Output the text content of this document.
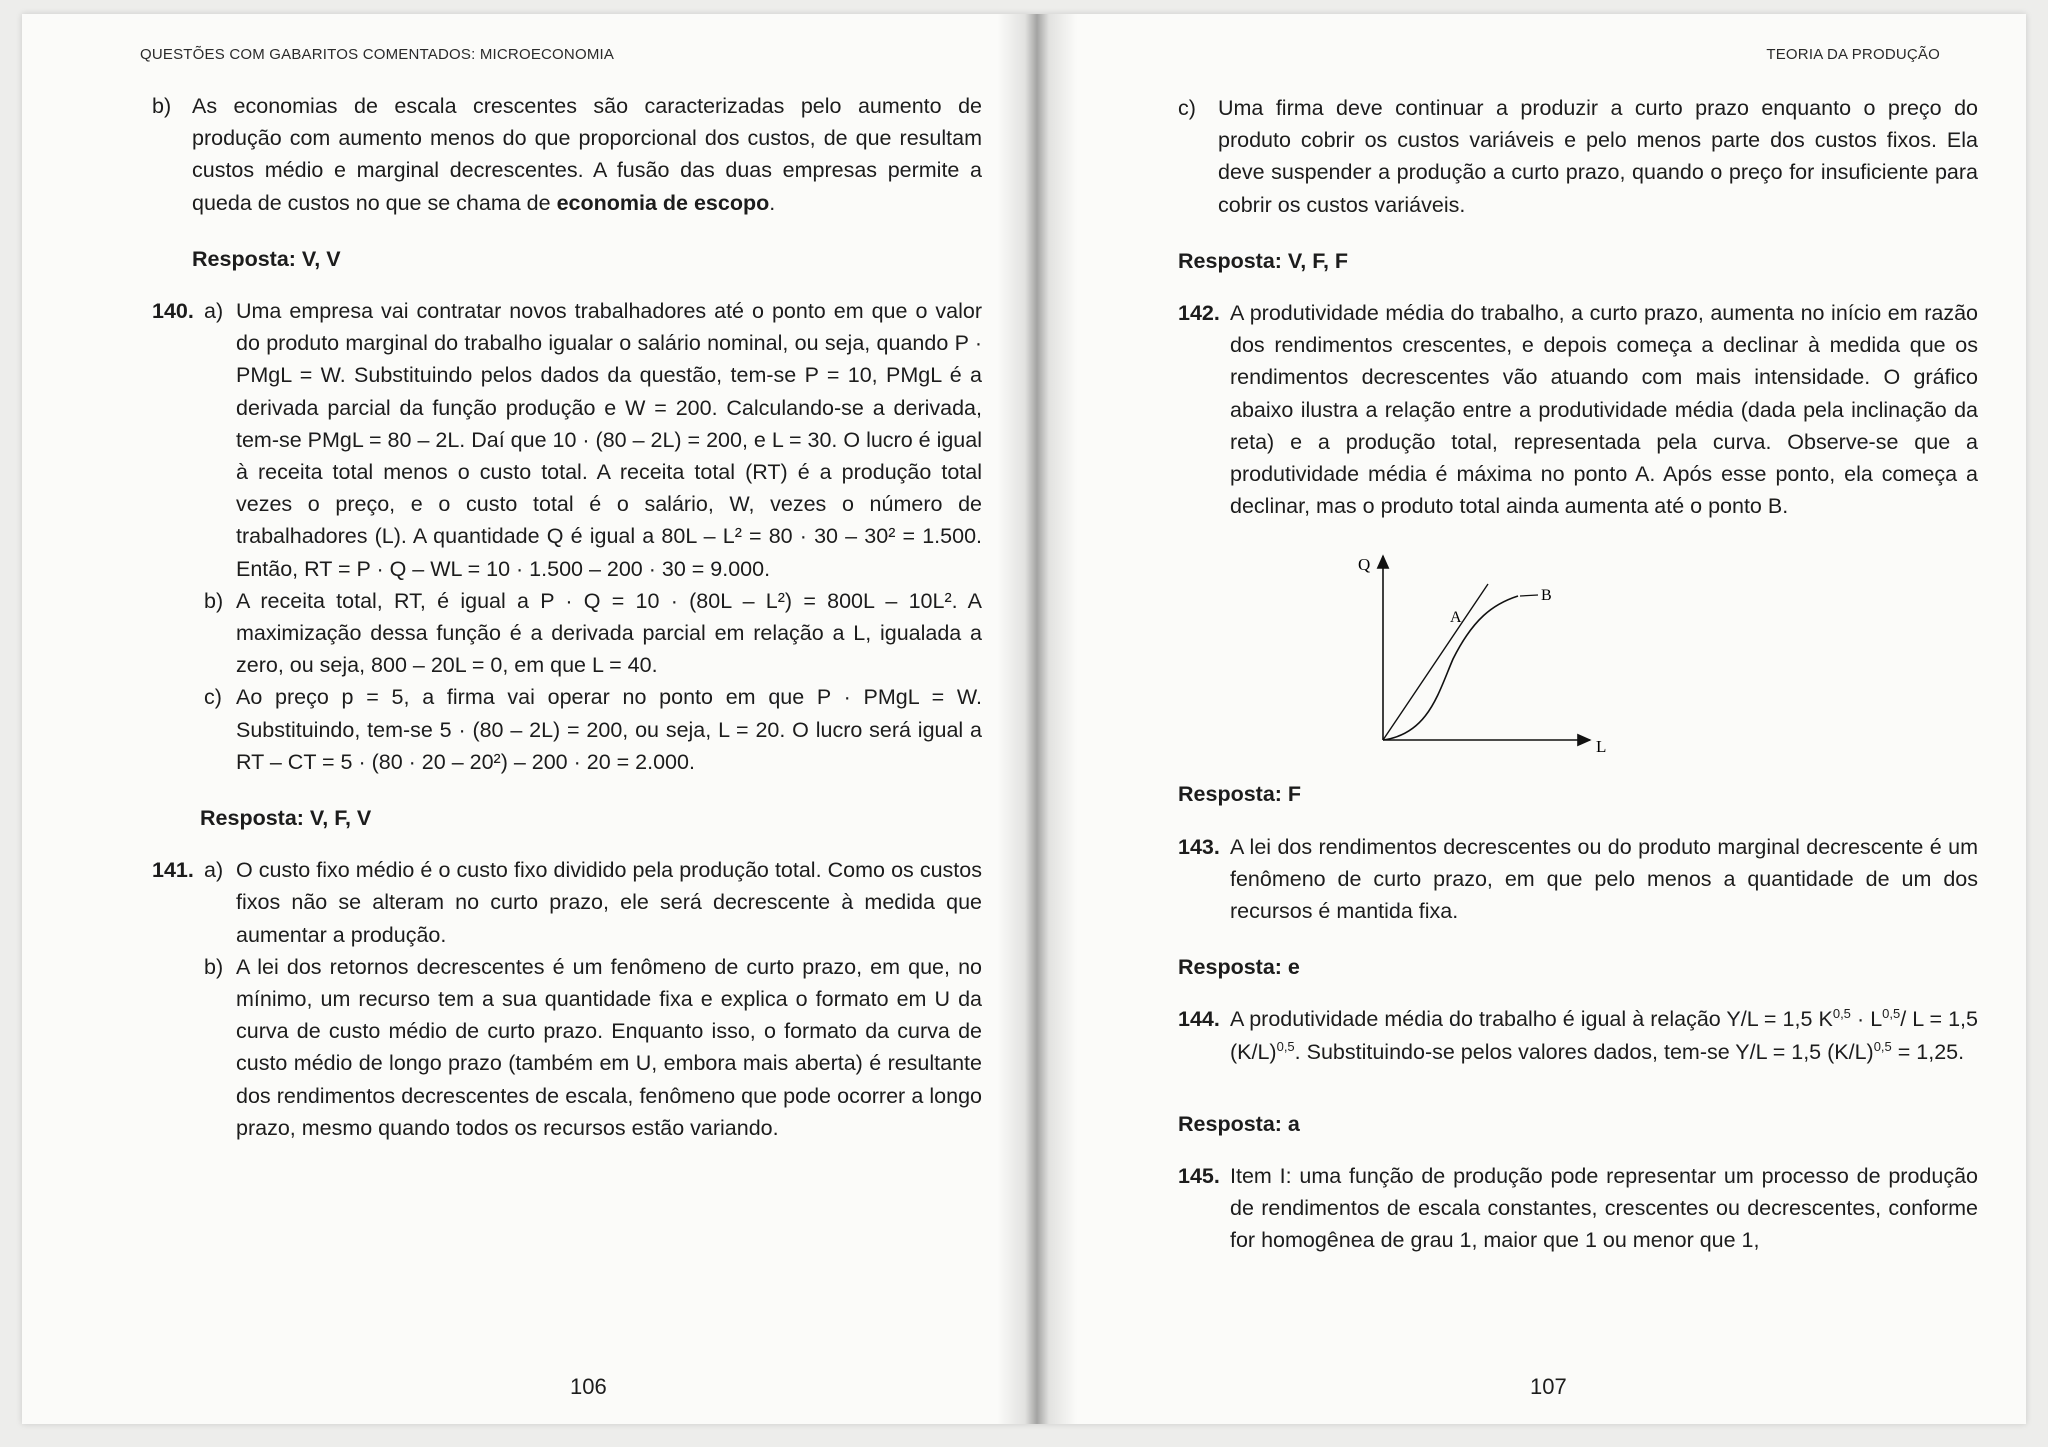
QUESTÕES COM GABARITOS COMENTADOS: MICROECONOMIA
b) As economias de escala crescentes são caracterizadas pelo aumento de produção com aumento menos do que proporcional dos custos, de que resultam custos médio e marginal decrescentes. A fusão das duas empresas permite a queda de custos no que se chama de economia de escopo.
Resposta: V, V
140. a) Uma empresa vai contratar novos trabalhadores até o ponto em que o valor do produto marginal do trabalho igualar o salário nominal, ou seja, quando P · PMgL = W. Substituindo pelos dados da questão, tem-se P = 10, PMgL é a derivada parcial da função produção e W = 200. Calculando-se a derivada, tem-se PMgL = 80 – 2L. Daí que 10 · (80 – 2L) = 200, e L = 30. O lucro é igual à receita total menos o custo total. A receita total (RT) é a produção total vezes o preço, e o custo total é o salário, W, vezes o número de trabalhadores (L). A quantidade Q é igual a 80L – L² = 80 · 30 – 30² = 1.500. Então, RT = P · Q – WL = 10 · 1.500 – 200 · 30 = 9.000.
b) A receita total, RT, é igual a P · Q = 10 · (80L – L²) = 800L – 10L². A maximização dessa função é a derivada parcial em relação a L, igualada a zero, ou seja, 800 – 20L = 0, em que L = 40.
c) Ao preço p = 5, a firma vai operar no ponto em que P · PMgL = W. Substituindo, tem-se 5 · (80 – 2L) = 200, ou seja, L = 20. O lucro será igual a RT – CT = 5 · (80 · 20 – 20²) – 200 · 20 = 2.000.
Resposta: V, F, V
141. a) O custo fixo médio é o custo fixo dividido pela produção total. Como os custos fixos não se alteram no curto prazo, ele será decrescente à medida que aumentar a produção.
b) A lei dos retornos decrescentes é um fenômeno de curto prazo, em que, no mínimo, um recurso tem a sua quantidade fixa e explica o formato em U da curva de custo médio de curto prazo. Enquanto isso, o formato da curva de custo médio de longo prazo (também em U, embora mais aberta) é resultante dos rendimentos decrescentes de escala, fenômeno que pode ocorrer a longo prazo, mesmo quando todos os recursos estão variando.
106
TEORIA DA PRODUÇÃO
c) Uma firma deve continuar a produzir a curto prazo enquanto o preço do produto cobrir os custos variáveis e pelo menos parte dos custos fixos. Ela deve suspender a produção a curto prazo, quando o preço for insuficiente para cobrir os custos variáveis.
Resposta: V, F, F
142. A produtividade média do trabalho, a curto prazo, aumenta no início em razão dos rendimentos crescentes, e depois começa a declinar à medida que os rendimentos decrescentes vão atuando com mais intensidade. O gráfico abaixo ilustra a relação entre a produtividade média (dada pela inclinação da reta) e a produção total, representada pela curva. Observe-se que a produtividade média é máxima no ponto A. Após esse ponto, ela começa a declinar, mas o produto total ainda aumenta até o ponto B.
Q
L
A
B
Resposta: F
143. A lei dos rendimentos decrescentes ou do produto marginal decrescente é um fenômeno de curto prazo, em que pelo menos a quantidade de um dos recursos é mantida fixa.
Resposta: e
144. A produtividade média do trabalho é igual à relação Y/L = 1,5 K$^{0,5}$ · L$^{0,5}$/ L = 1,5 $(K/L)^{0,5}$. Substituindo-se pelos valores dados, tem-se Y/L = 1,5 $(K/L)^{0,5} = 1,25$.
Resposta: a
145. Item I: uma função de produção pode representar um processo de produção de rendimentos de escala constantes, crescentes ou decrescentes, conforme for homogênea de grau 1, maior que 1 ou menor que 1,
107
